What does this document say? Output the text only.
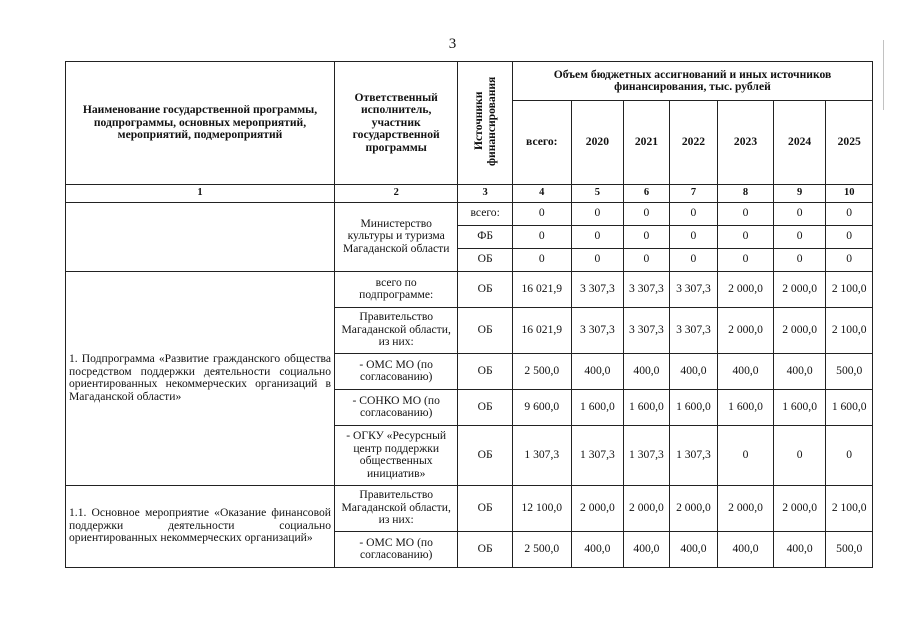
3
Наименование государственной программы, подпрограммы, основных мероприятий, мероприятий, подмероприятий	Ответственный исполнитель, участник государственной программы	Источники финансирования	Объем бюджетных ассигнований и иных источников финансирования, тыс. рублей						
			всего:	2020	2021	2022	2023	2024	2025
1	2	3	4	5	6	7	8	9	10
	Министерство культуры и туризма Магаданской области	всего:	0	0	0	0	0	0	0
		ФБ	0	0	0	0	0	0	0
		ОБ	0	0	0	0	0	0	0
1. Подпрограмма «Развитие гражданского общества посредством поддержки деятельности социально ориентированных некоммерческих организаций в Магаданской области»	всего по подпрограмме:	ОБ	16 021,9	3 307,3	3 307,3	3 307,3	2 000,0	2 000,0	2 100,0
	Правительство Магаданской области, из них:	ОБ	16 021,9	3 307,3	3 307,3	3 307,3	2 000,0	2 000,0	2 100,0
	- ОМС МО (по согласованию)	ОБ	2 500,0	400,0	400,0	400,0	400,0	400,0	500,0
	- СОНКО МО (по согласованию)	ОБ	9 600,0	1 600,0	1 600,0	1 600,0	1 600,0	1 600,0	1 600,0
	- ОГКУ «Ресурсный центр поддержки общественных инициатив»	ОБ	1 307,3	1 307,3	1 307,3	1 307,3	0	0	0
1.1. Основное мероприятие «Оказание финансовой поддержки деятельности социально ориентированных некоммерческих организаций»	Правительство Магаданской области, из них:	ОБ	12 100,0	2 000,0	2 000,0	2 000,0	2 000,0	2 000,0	2 100,0
	- ОМС МО (по согласованию)	ОБ	2 500,0	400,0	400,0	400,0	400,0	400,0	500,0
